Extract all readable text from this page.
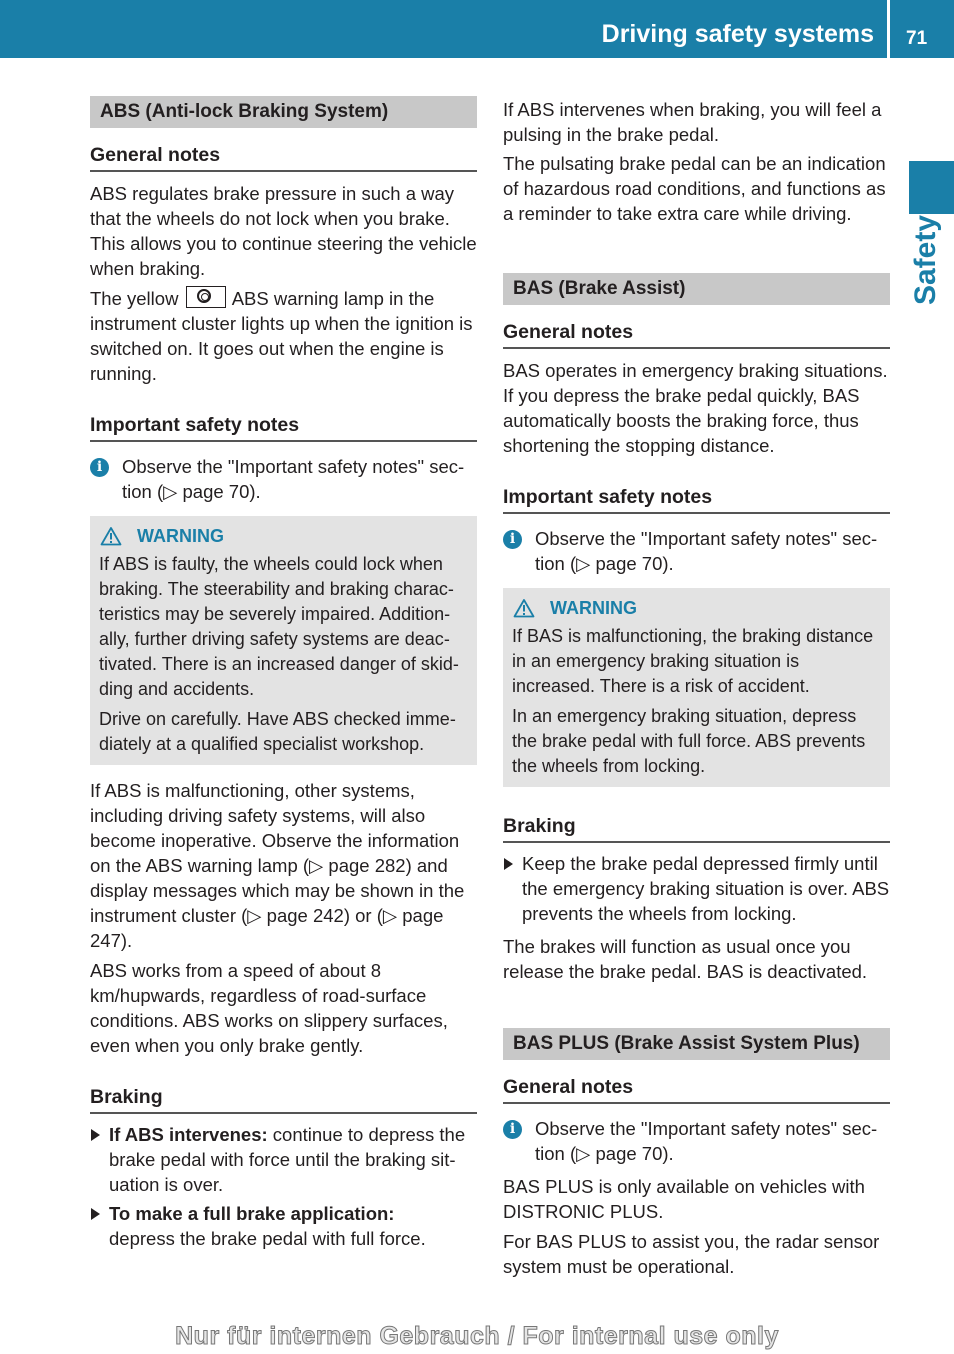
Driving safety systems 71
Safety
ABS (Anti-lock Braking System)
General notes

ABS regulates brake pressure in such a way that the wheels do not lock when you brake. This allows you to continue steering the vehicle when braking.

The yellow	ABS warning lamp in the instrument cluster lights up when the ignition is switched on. It goes out when the engine is running.

Important safety notes
i	Observe the "Important safety notes" section (▷ page 70).
WARNING

If ABS is faulty, the wheels could lock when braking. The steerability and braking characteristics may be severely impaired. Additionally, further driving safety systems are deactivated. There is an increased danger of skidding and accidents.

Drive on carefully. Have ABS checked immediately at a qualified specialist workshop.

If ABS is malfunctioning, other systems, including driving safety systems, will also become inoperative. Observe the information on the ABS warning lamp (▷ page 282) and display messages which may be shown in the instrument cluster (▷ page 242) or (▷ page 247).

ABS works from a speed of about 8 km/hupwards, regardless of road-surface conditions. ABS works on slippery surfaces, even when you only brake gently.

Braking
If ABS intervenes: continue to depress the brake pedal with force until the braking situation is over.
To make a full brake application:
depress the brake pedal with full force.

If ABS intervenes when braking, you will feel a pulsing in the brake pedal.

The pulsating brake pedal can be an indication of hazardous road conditions, and functions as a reminder to take extra care while driving.

BAS (Brake Assist)
General notes

BAS operates in emergency braking situations. If you depress the brake pedal quickly, BAS automatically boosts the braking force, thus shortening the stopping distance.

Important safety notes
i	Observe the "Important safety notes" section (▷ page 70).
WARNING

If BAS is malfunctioning, the braking distance in an emergency braking situation is increased. There is a risk of accident.

In an emergency braking situation, depress the brake pedal with full force. ABS prevents the wheels from locking.

Braking
Keep the brake pedal depressed firmly until the emergency braking situation is over. ABS prevents the wheels from locking.

The brakes will function as usual once you release the brake pedal. BAS is deactivated.

BAS PLUS (Brake Assist System Plus)
General notes
i	Observe the "Important safety notes" section (▷ page 70).

BAS PLUS is only available on vehicles with DISTRONIC PLUS.

For BAS PLUS to assist you, the radar sensor system must be operational.

Nur für internen Gebrauch / For internal use only
